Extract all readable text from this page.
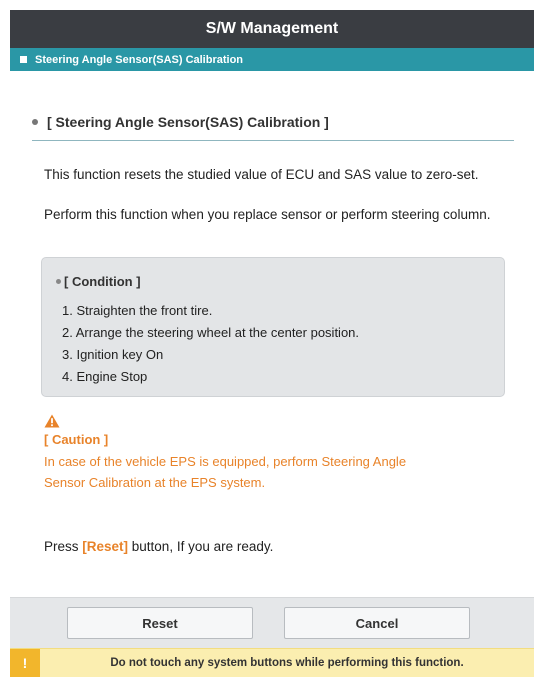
S/W Management
Steering Angle Sensor(SAS) Calibration
[ Steering Angle Sensor(SAS) Calibration ]
This function resets the studied value of ECU and SAS value to zero-set.
Perform this function when you replace sensor or perform steering column.
[ Condition ]
1. Straighten the front tire.
2. Arrange the steering wheel at the center position.
3. Ignition key On
4. Engine Stop
[ Caution ]
In case of the vehicle EPS is equipped, perform Steering Angle
Sensor Calibration at the EPS system.
Press [Reset] button, If you are ready.
Reset	Cancel
!	Do not touch any system buttons while performing this function.
